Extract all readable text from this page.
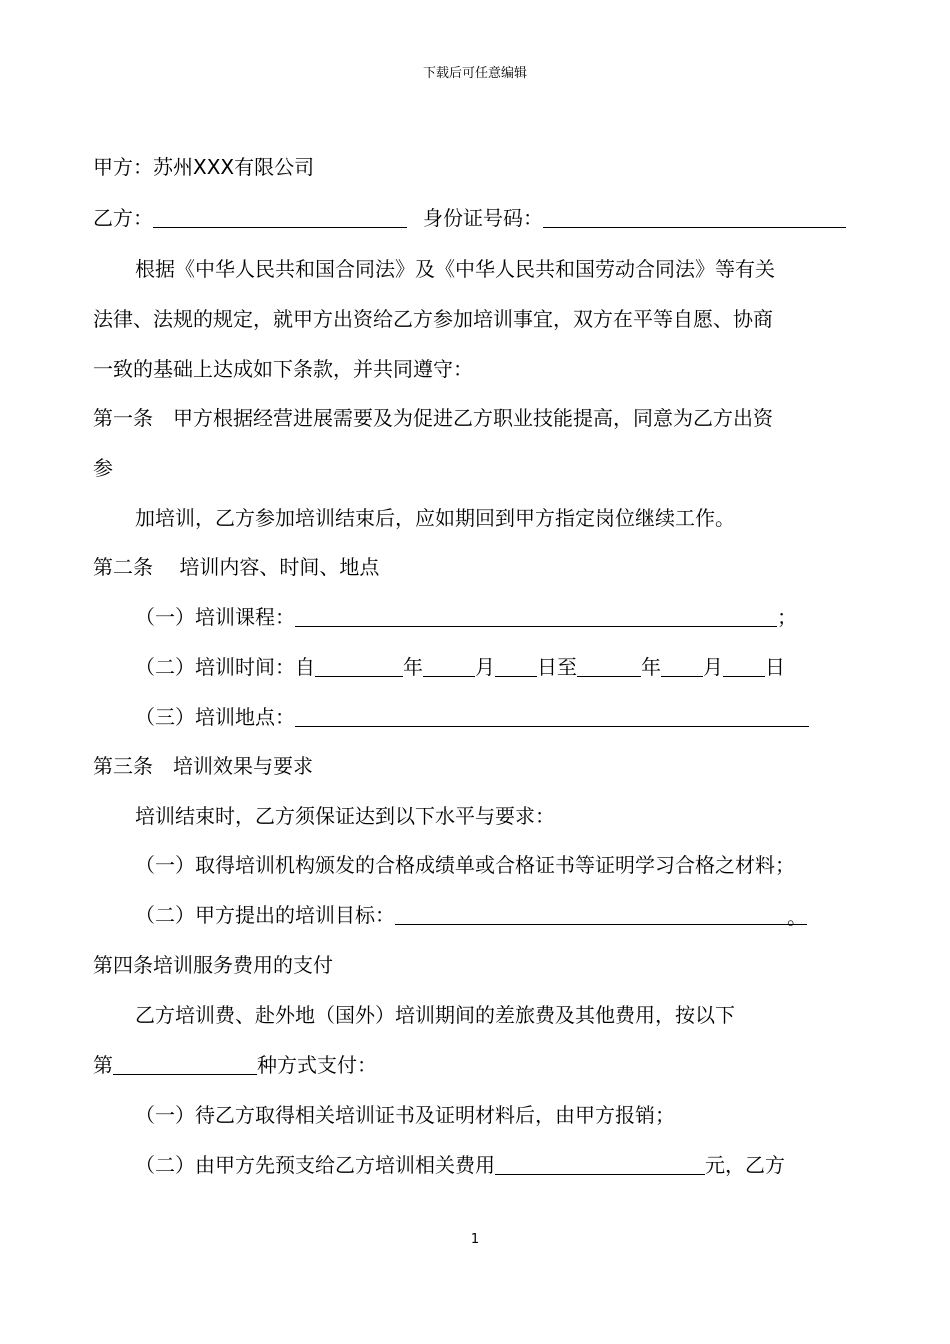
下载后可任意编辑
甲方：苏州XXX有限公司
乙方：	身份证号码：
根据《中华人民共和国合同法》及《中华人民共和国劳动合同法》等有关
法律、法规的规定，就甲方出资给乙方参加培训事宜，双方在平等自愿、协商
一致的基础上达成如下条款，并共同遵守：
第一条　甲方根据经营进展需要及为促进乙方职业技能提高，同意为乙方出资
参
加培训，乙方参加培训结束后，应如期回到甲方指定岗位继续工作。
第二条　 培训内容、时间、地点
（一）培训课程：	；
（二）培训时间：自	年	月 日至	年 月 日
（三）培训地点：
第三条　培训效果与要求
培训结束时，乙方须保证达到以下水平与要求：
（一）取得培训机构颁发的合格成绩单或合格证书等证明学习合格之材料；
（二）甲方提出的培训目标：	。
第四条培训服务费用的支付
乙方培训费、赴外地（国外）培训期间的差旅费及其他费用，按以下
第	种方式支付：
（一）待乙方取得相关培训证书及证明材料后，由甲方报销；
（二）由甲方先预支给乙方培训相关费用	元，乙方
1
